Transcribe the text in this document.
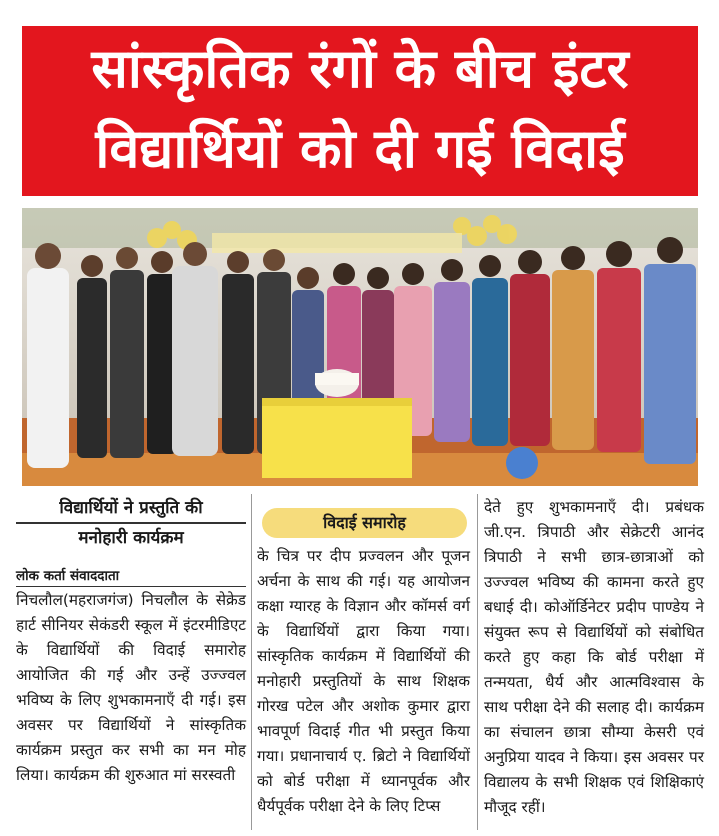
सांस्कृतिक रंगों के बीच इंटर
विद्यार्थियों को दी गई विदाई
विद्यार्थियों ने प्रस्तुति की
मनोहारी कार्यक्रम
लोक कर्ता संवाददाता
विदाई समारोह

निचलौल(महराजगंज) निचलौल के सेक्रेड हार्ट सीनियर सेकंडरी स्कूल में इंटरमीडिएट के विद्यार्थियों की विदाई समारोह आयोजित की गई और उन्हें उज्ज्वल भविष्य के लिए शुभकामनाएँ दी गई। इस अवसर पर विद्यार्थियों ने सांस्कृतिक कार्यक्रम प्रस्तुत कर सभी का मन मोह लिया। कार्यक्रम की शुरुआत मां सरस्वती

के चित्र पर दीप प्रज्वलन और पूजन अर्चना के साथ की गई। यह आयोजन कक्षा ग्यारह के विज्ञान और कॉमर्स वर्ग के विद्यार्थियों द्वारा किया गया। सांस्कृतिक कार्यक्रम में विद्यार्थियों की मनोहारी प्रस्तुतियों के साथ शिक्षक गोरख पटेल और अशोक कुमार द्वारा भावपूर्ण विदाई गीत भी प्रस्तुत किया गया। प्रधानाचार्य ए. ब्रिटो ने विद्यार्थियों को बोर्ड परीक्षा में ध्यानपूर्वक और धैर्यपूर्वक परीक्षा देने के लिए टिप्स

देते हुए शुभकामनाएँ दी। प्रबंधक जी.एन. त्रिपाठी और सेक्रेटरी आनंद त्रिपाठी ने सभी छात्र-छात्राओं को उज्ज्वल भविष्य की कामना करते हुए बधाई दी। कोऑर्डिनेटर प्रदीप पाण्डेय ने संयुक्त रूप से विद्यार्थियों को संबोधित करते हुए कहा कि बोर्ड परीक्षा में तन्मयता, धैर्य और आत्मविश्वास के साथ परीक्षा देने की सलाह दी। कार्यक्रम का संचालन छात्रा सौम्या केसरी एवं अनुप्रिया यादव ने किया। इस अवसर पर विद्यालय के सभी शिक्षक एवं शिक्षिकाएं मौजूद रहीं।
